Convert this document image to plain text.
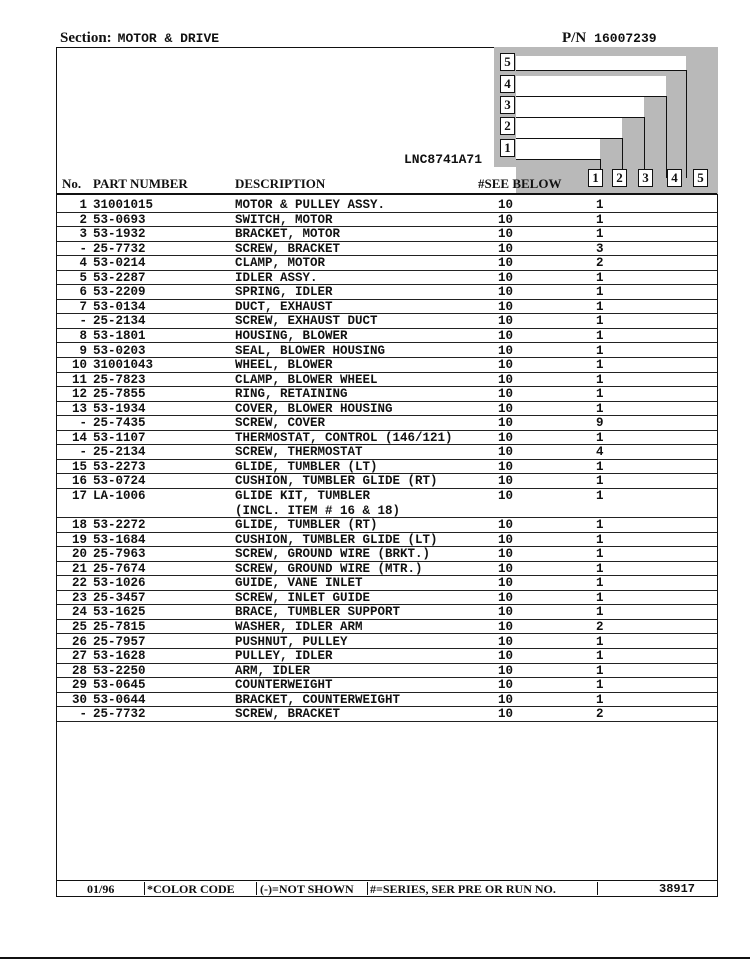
Section: MOTOR & DRIVE	P/N 16007239
5
4
3
2
1
1	2	3	4	5
LNC8741A71
No. PART NUMBER	DESCRIPTION	#SEE BELOW
1 31001015	MOTOR & PULLEY ASSY.	10	1
2 53-0693	SWITCH, MOTOR	10	1
3 53-1932	BRACKET, MOTOR	10	1
- 25-7732	SCREW, BRACKET	10	3
4 53-0214	CLAMP, MOTOR	10	2
5 53-2287	IDLER ASSY.	10	1
6 53-2209	SPRING, IDLER	10	1
7 53-0134	DUCT, EXHAUST	10	1
- 25-2134	SCREW, EXHAUST DUCT	10	1
8 53-1801	HOUSING, BLOWER	10	1
9 53-0203	SEAL, BLOWER HOUSING	10	1
10 31001043	WHEEL, BLOWER	10	1
11 25-7823	CLAMP, BLOWER WHEEL	10	1
12 25-7855	RING, RETAINING	10	1
13 53-1934	COVER, BLOWER HOUSING	10	1
- 25-7435	SCREW, COVER	10	9
14 53-1107	THERMOSTAT, CONTROL (146/121)	10	1
- 25-2134	SCREW, THERMOSTAT	10	4
15 53-2273	GLIDE, TUMBLER (LT)	10	1
16 53-0724	CUSHION, TUMBLER GLIDE (RT)	10	1
17 LA-1006	GLIDE KIT, TUMBLER	10	1
(INCL. ITEM # 16 & 18)
18 53-2272	GLIDE, TUMBLER (RT)	10	1
19 53-1684	CUSHION, TUMBLER GLIDE (LT)	10	1
20 25-7963	SCREW, GROUND WIRE (BRKT.)	10	1
21 25-7674	SCREW, GROUND WIRE (MTR.)	10	1
22 53-1026	GUIDE, VANE INLET	10	1
23 25-3457	SCREW, INLET GUIDE	10	1
24 53-1625	BRACE, TUMBLER SUPPORT	10	1
25 25-7815	WASHER, IDLER ARM	10	2
26 25-7957	PUSHNUT, PULLEY	10	1
27 53-1628	PULLEY, IDLER	10	1
28 53-2250	ARM, IDLER	10	1
29 53-0645	COUNTERWEIGHT	10	1
30 53-0644	BRACKET, COUNTERWEIGHT	10	1
- 25-7732	SCREW, BRACKET	10	2
01/96	*COLOR CODE (-)=NOT SHOWN #=SERIES, SER PRE OR RUN NO.	38917
